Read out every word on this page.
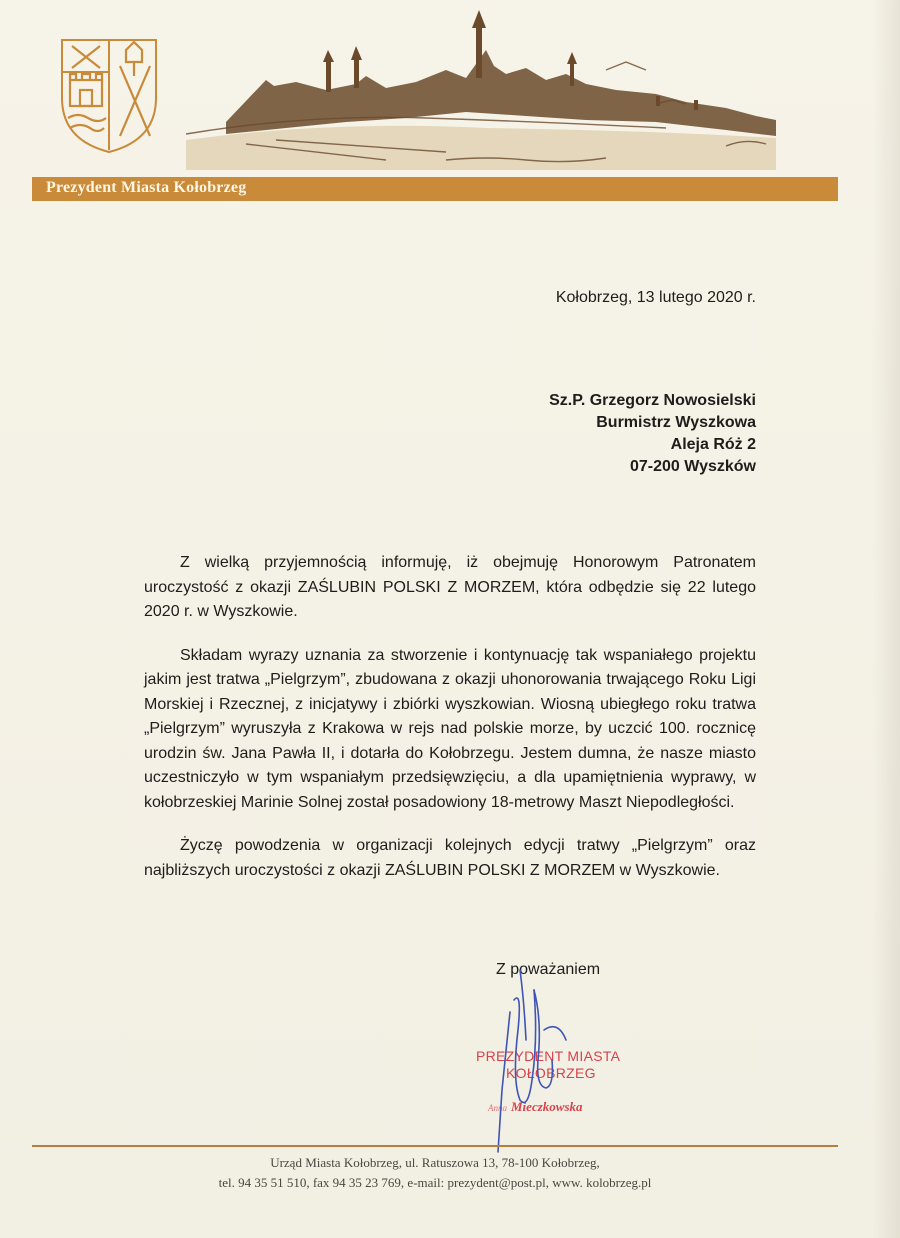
Prezydent Miasta Kołobrzeg
Kołobrzeg, 13 lutego 2020 r.
Sz.P. Grzegorz Nowosielski
Burmistrz Wyszkowa
Aleja Róż 2
07-200 Wyszków

Z wielką przyjemnością informuję, iż obejmuję Honorowym Patronatem uroczystość z okazji ZAŚLUBIN POLSKI Z MORZEM, która odbędzie się 22 lutego 2020 r. w Wyszkowie.

Składam wyrazy uznania za stworzenie i kontynuację tak wspaniałego projektu jakim jest tratwa „Pielgrzym”, zbudowana z okazji uhonorowania trwającego Roku Ligi Morskiej i Rzecznej, z inicjatywy i zbiórki wyszkowian. Wiosną ubiegłego roku tratwa „Pielgrzym” wyruszyła z Krakowa w rejs nad polskie morze, by uczcić 100. rocznicę urodzin św. Jana Pawła II, i dotarła do Kołobrzegu. Jestem dumna, że nasze miasto uczestniczyło w tym wspaniałym przedsięwzięciu, a dla upamiętnienia wyprawy, w kołobrzeskiej Marinie Solnej został posadowiony 18-metrowy Maszt Niepodległości.

Życzę powodzenia w organizacji kolejnych edycji tratwy „Pielgrzym” oraz najbliższych uroczystości z okazji ZAŚLUBIN POLSKI Z MORZEM w Wyszkowie.

Z poważaniem
PREZYDENT MIASTA
KOŁOBRZEG
Anna Mieczkowska
Urząd Miasta Kołobrzeg, ul. Ratuszowa 13, 78-100 Kołobrzeg,
tel. 94 35 51 510, fax 94 35 23 769, e-mail: prezydent@post.pl, www. kolobrzeg.pl
